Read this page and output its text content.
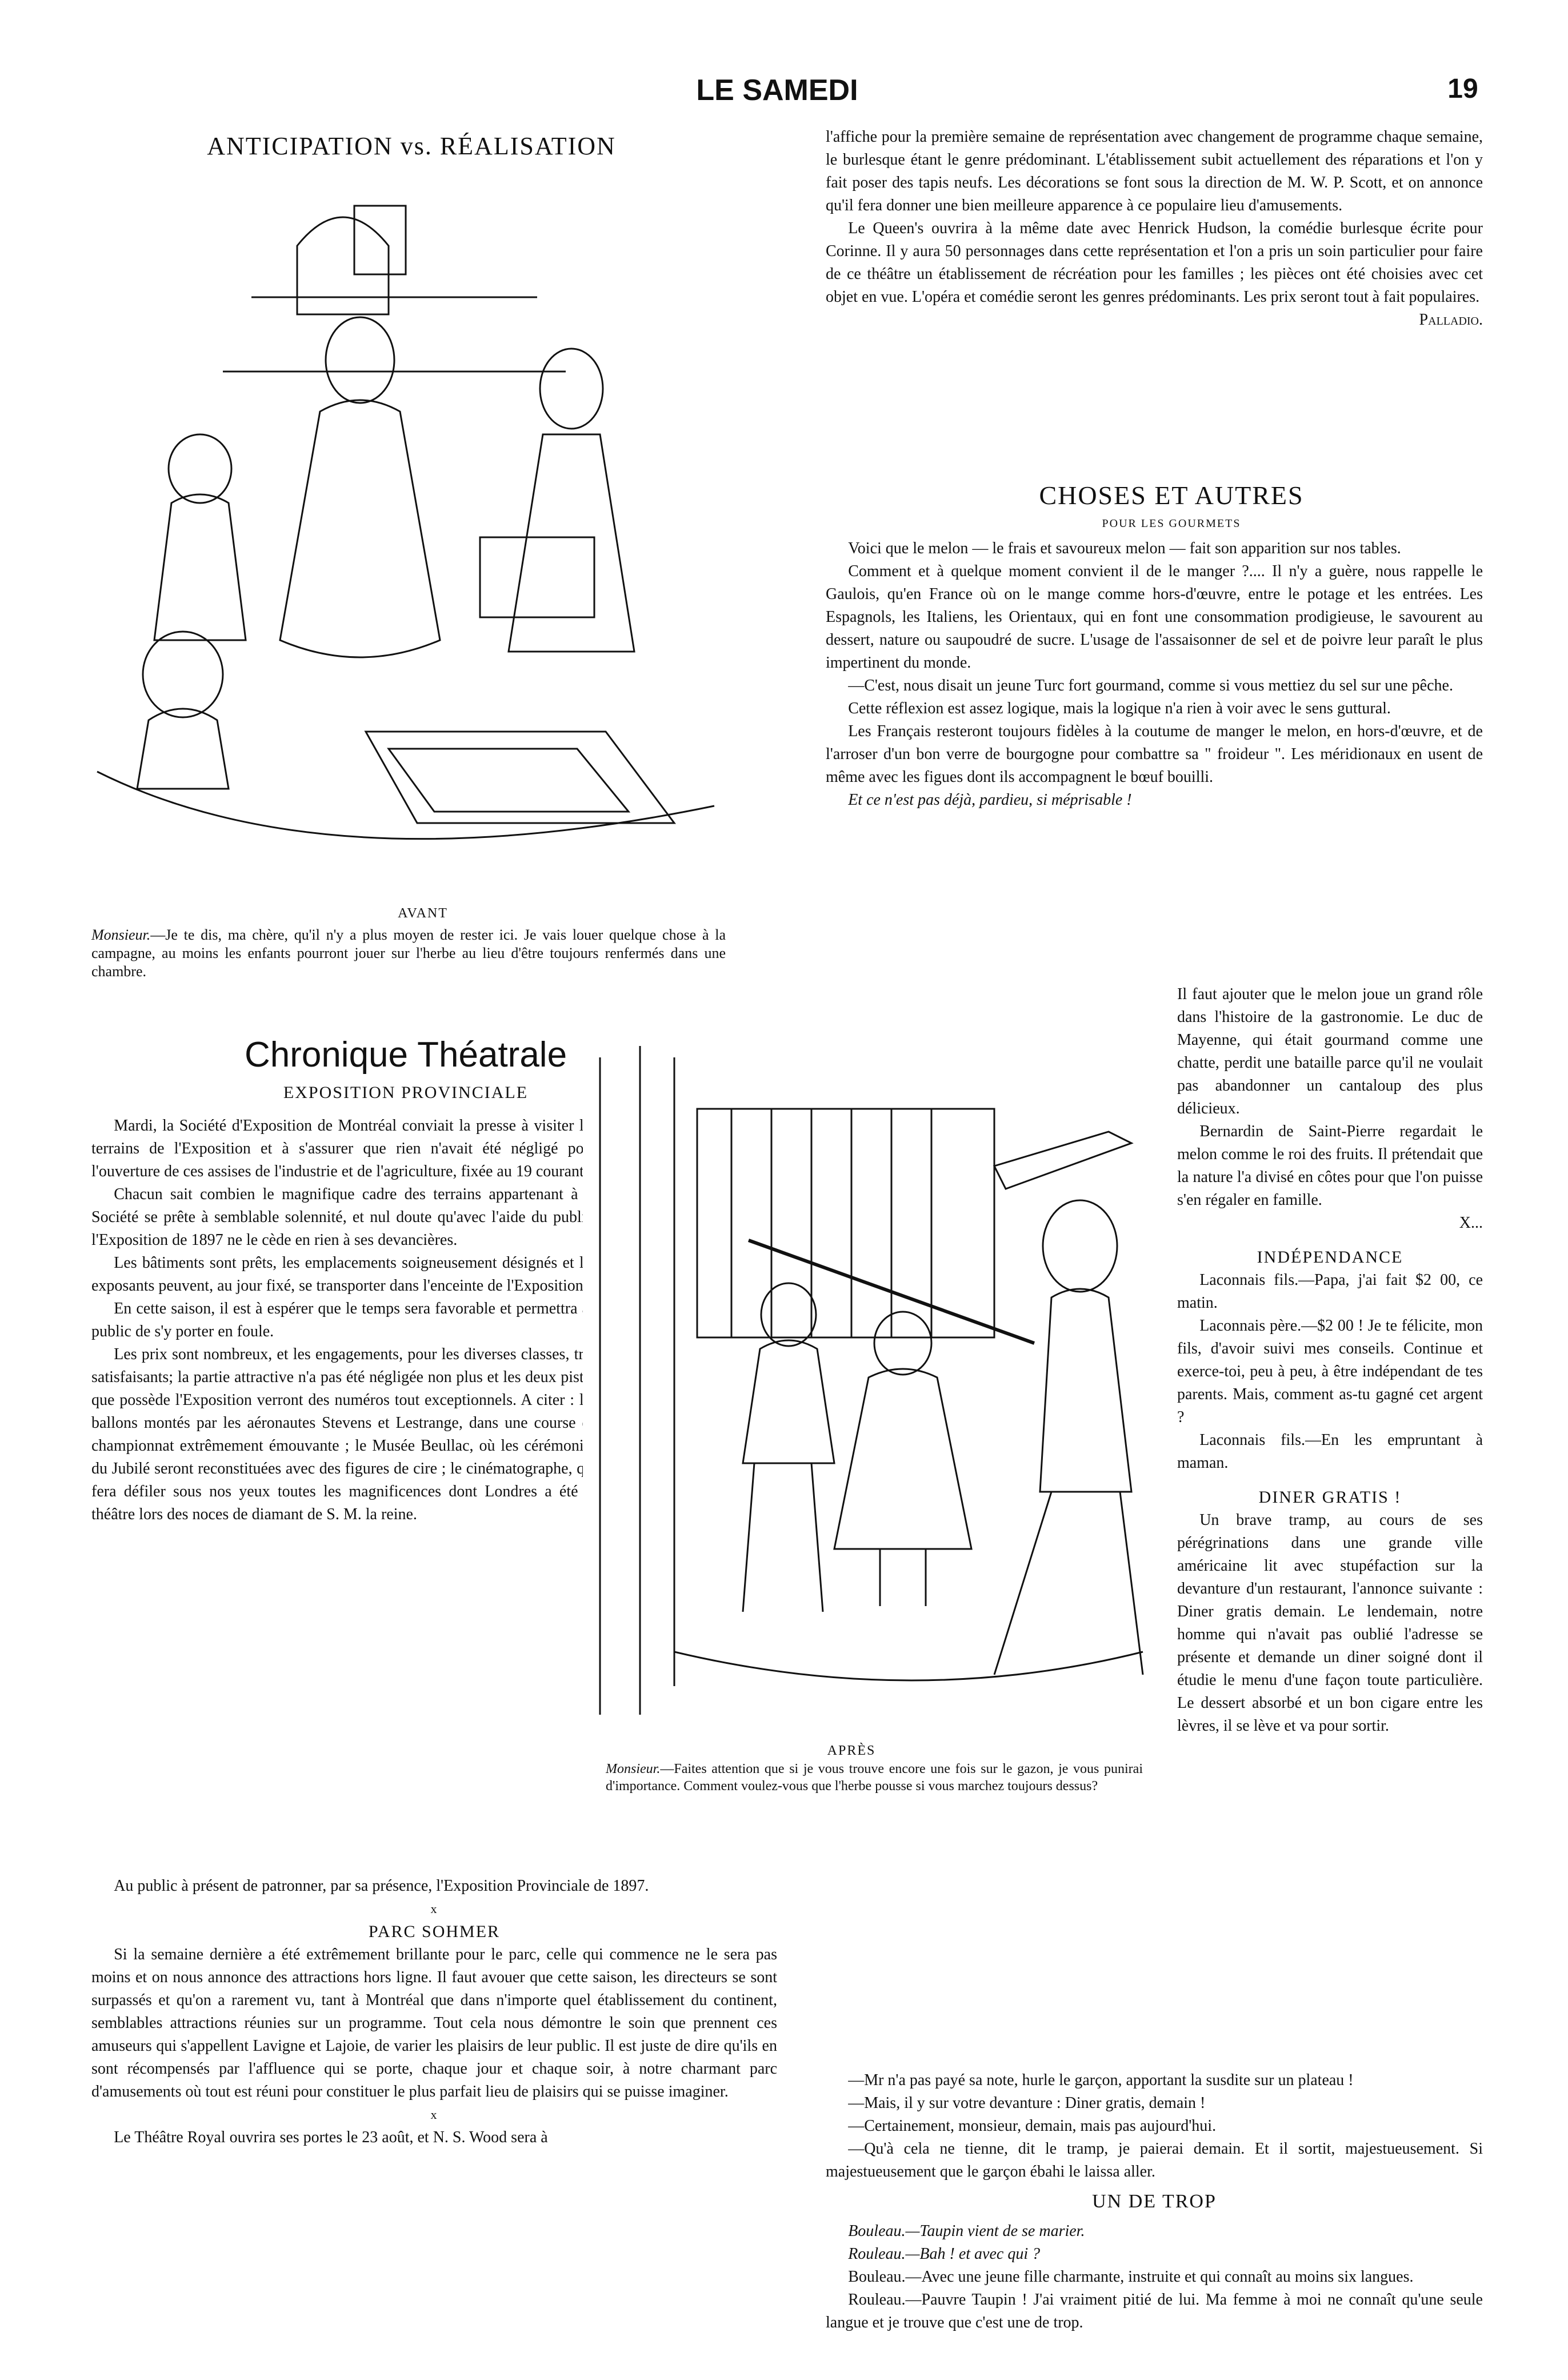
LE SAMEDI	19
ANTICIPATION vs. RÉALISATION
AVANT
Monsieur.—Je te dis, ma chère, qu'il n'y a plus moyen de rester ici. Je vais louer quelque chose à la campagne, au moins les enfants pourront jouer sur l'herbe au lieu d'être toujours renfermés dans une chambre.
Chronique Théatrale
EXPOSITION PROVINCIALE

Mardi, la Société d'Exposition de Montréal conviait la presse à visiter les terrains de l'Exposition et à s'assurer que rien n'avait été négligé pour l'ouverture de ces assises de l'industrie et de l'agriculture, fixée au 19 courant.

Chacun sait combien le magnifique cadre des terrains appartenant à la Société se prête à semblable solennité, et nul doute qu'avec l'aide du public, l'Exposition de 1897 ne le cède en rien à ses devancières.

Les bâtiments sont prêts, les emplacements soigneusement désignés et les exposants peuvent, au jour fixé, se transporter dans l'enceinte de l'Exposition.

En cette saison, il est à espérer que le temps sera favorable et permettra au public de s'y porter en foule.

Les prix sont nombreux, et les engagements, pour les diverses classes, très satisfaisants; la partie attractive n'a pas été négligée non plus et les deux pistes que possède l'Exposition verront des numéros tout exceptionnels. A citer : les ballons montés par les aéronautes Stevens et Lestrange, dans une course de championnat extrêmement émouvante ; le Musée Beullac, où les cérémonies du Jubilé seront reconstituées avec des figures de cire ; le cinématographe, qui fera défiler sous nos yeux toutes les magnificences dont Londres a été le théâtre lors des noces de diamant de S. M. la reine.

APRÈS
Monsieur.—Faites attention que si je vous trouve encore une fois sur le gazon, je vous punirai d'importance. Comment voulez-vous que l'herbe pousse si vous marchez toujours dessus?

Au public à présent de patronner, par sa présence, l'Exposition Provinciale de 1897.

x
PARC SOHMER

Si la semaine dernière a été extrêmement brillante pour le parc, celle qui commence ne le sera pas moins et on nous annonce des attractions hors ligne. Il faut avouer que cette saison, les directeurs se sont surpassés et qu'on a rarement vu, tant à Montréal que dans n'importe quel établissement du continent, semblables attractions réunies sur un programme. Tout cela nous démontre le soin que prennent ces amuseurs qui s'appellent Lavigne et Lajoie, de varier les plaisirs de leur public. Il est juste de dire qu'ils en sont récompensés par l'affluence qui se porte, chaque jour et chaque soir, à notre charmant parc d'amusements où tout est réuni pour constituer le plus parfait lieu de plaisirs qui se puisse imaginer.

x

Le Théâtre Royal ouvrira ses portes le 23 août, et N. S. Wood sera à

l'affiche pour la première semaine de représentation avec changement de programme chaque semaine, le burlesque étant le genre prédominant. L'établissement subit actuellement des réparations et l'on y fait poser des tapis neufs. Les décorations se font sous la direction de M. W. P. Scott, et on annonce qu'il fera donner une bien meilleure apparence à ce populaire lieu d'amusements.

Le Queen's ouvrira à la même date avec Henrick Hudson, la comédie burlesque écrite pour Corinne. Il y aura 50 personnages dans cette représentation et l'on a pris un soin particulier pour faire de ce théâtre un établissement de récréation pour les familles ; les pièces ont été choisies avec cet objet en vue. L'opéra et comédie seront les genres prédominants. Les prix seront tout à fait populaires.

Palladio.
CHOSES ET AUTRES
POUR LES GOURMETS

Voici que le melon — le frais et savoureux melon — fait son apparition sur nos tables.

Comment et à quelque moment convient il de le manger ?.... Il n'y a guère, nous rappelle le Gaulois, qu'en France où on le mange comme hors-d'œuvre, entre le potage et les entrées. Les Espagnols, les Italiens, les Orientaux, qui en font une consommation prodigieuse, le savourent au dessert, nature ou saupoudré de sucre. L'usage de l'assaisonner de sel et de poivre leur paraît le plus impertinent du monde.

—C'est, nous disait un jeune Turc fort gourmand, comme si vous mettiez du sel sur une pêche.

Cette réflexion est assez logique, mais la logique n'a rien à voir avec le sens guttural.

Les Français resteront toujours fidèles à la coutume de manger le melon, en hors-d'œuvre, et de l'arroser d'un bon verre de bourgogne pour combattre sa " froideur ". Les méridionaux en usent de même avec les figues dont ils accompagnent le bœuf bouilli.

Et ce n'est pas déjà, pardieu, si méprisable !

Il faut ajouter que le melon joue un grand rôle dans l'histoire de la gastronomie. Le duc de Mayenne, qui était gourmand comme une chatte, perdit une bataille parce qu'il ne voulait pas abandonner un cantaloup des plus délicieux.

Bernardin de Saint-Pierre regardait le melon comme le roi des fruits. Il prétendait que la nature l'a divisé en côtes pour que l'on puisse s'en régaler en famille.

X...
INDÉPENDANCE

Laconnais fils.—Papa, j'ai fait $2 00, ce matin.

Laconnais père.—$2 00 ! Je te félicite, mon fils, d'avoir suivi mes conseils. Continue et exerce-toi, peu à peu, à être indépendant de tes parents. Mais, comment as-tu gagné cet argent ?

Laconnais fils.—En les empruntant à maman.

DINER GRATIS !

Un brave tramp, au cours de ses pérégrinations dans une grande ville américaine lit avec stupéfaction sur la devanture d'un restaurant, l'annonce suivante : Diner gratis demain. Le lendemain, notre homme qui n'avait pas oublié l'adresse se présente et demande un diner soigné dont il étudie le menu d'une façon toute particulière. Le dessert absorbé et un bon cigare entre les lèvres, il se lève et va pour sortir.

—Mr n'a pas payé sa note, hurle le garçon, apportant la susdite sur un plateau !

—Mais, il y sur votre devanture : Diner gratis, demain !

—Certainement, monsieur, demain, mais pas aujourd'hui.

—Qu'à cela ne tienne, dit le tramp, je paierai demain. Et il sortit, majestueusement. Si majestueusement que le garçon ébahi le laissa aller.

UN DE TROP

Bouleau.—Taupin vient de se marier.

Rouleau.—Bah ! et avec qui ?

Bouleau.—Avec une jeune fille charmante, instruite et qui connaît au moins six langues.

Rouleau.—Pauvre Taupin ! J'ai vraiment pitié de lui. Ma femme à moi ne connaît qu'une seule langue et je trouve que c'est une de trop.
